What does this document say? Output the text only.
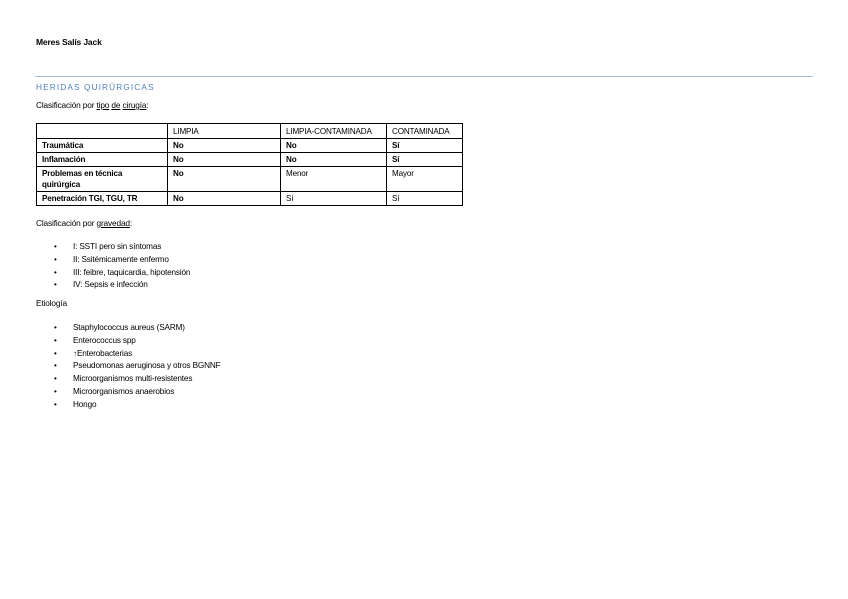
Meres Salís Jack
HERIDAS QUIRÚRGICAS
Clasificación por tipo de cirugía:
	LIMPIA	LIMPIA-CONTAMINADA	CONTAMINADA
Traumática	No	No	Sí
Inflamación	No	No	Sí
Problemas en técnica quirúrgica	No	Menor	Mayor
Penetración TGI, TGU, TR	No	Sí	Sí
Clasificación por gravedad:
• I: SSTI pero sin síntomas
• II: Ssitémicamente enfermo
• III: feibre, taquicardia, hipotensión
• IV: Sepsis e infección
Etiología
• Staphylococcus aureus (SARM)
• Enterococcus spp
• ↑Enterobacterias
• Pseudomonas aeruginosa y otros BGNNF
• Microorganismos multi-resistentes
• Microorganismos anaerobios
• Hongo
